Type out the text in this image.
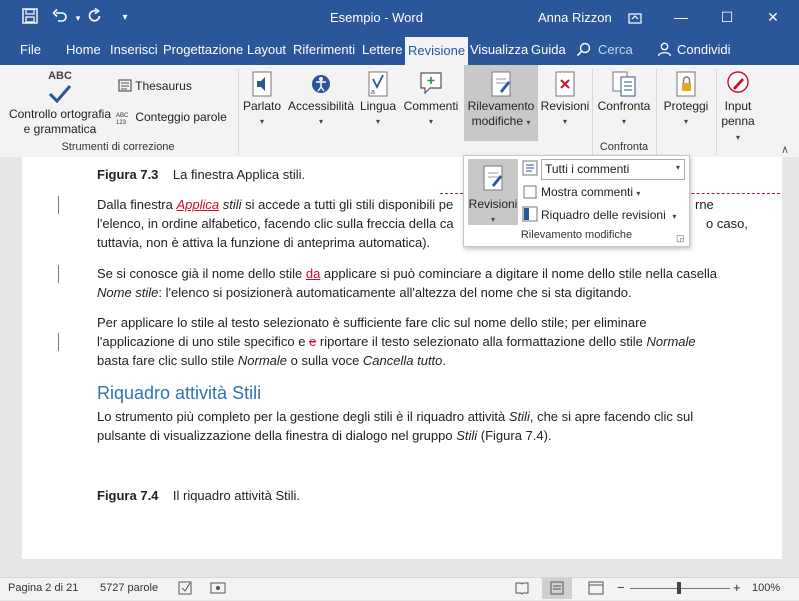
▾	▾	Esempio - Word	Anna Rizzon	—	☐	✕
File Home Inserisci Progettazione Layout Riferimenti Lettere Revisione Visualizza Guida Cerca	Condividi
ABC
Controllo ortografia
e grammatica
Thesaurus
ABC 123 Conteggio parole
Strumenti di correzione
Parlato
▾
Accessibilità
▾
a
Lingua
▾
Commenti
▾
Rilevamento
modifiche ▾
Revisioni
▾
Confronta
▾
Confronta
Proteggi
▾
Input
penna ▾
∧
Figura 7.3 La finestra Applica stili.
Dalla finestra Applica stili si accede a tutti gli stili disponibili pe	rne
l'elenco, in ordine alfabetico, facendo clic sulla freccia della ca	o caso,
tuttavia, non è attiva la funzione di anteprima automatica).
Se si conosce già il nome dello stile da applicare si può cominciare a digitare il nome dello stile nella casella
Nome stile: l'elenco si posizionerà automaticamente all'altezza del nome che si sta digitando.
Per applicare lo stile al testo selezionato è sufficiente fare clic sul nome dello stile; per eliminare
l'applicazione di uno stile specifico e e riportare il testo selezionato alla formattazione dello stile Normale
basta fare clic sullo stile Normale o sulla voce Cancella tutto.
Riquadro attività Stili
Lo strumento più completo per la gestione degli stili è il riquadro attività Stili, che si apre facendo clic sul
pulsante di visualizzazione della finestra di dialogo nel gruppo Stili (Figura 7.4).
Figura 7.4 Il riquadro attività Stili.
Revisioni
▾
Tutti i commenti	▾
Mostra commenti ▾
Riquadro delle revisioni ▾
Rilevamento modifiche	◲
Pagina 2 di 21 5727 parole	−	+ 100%
